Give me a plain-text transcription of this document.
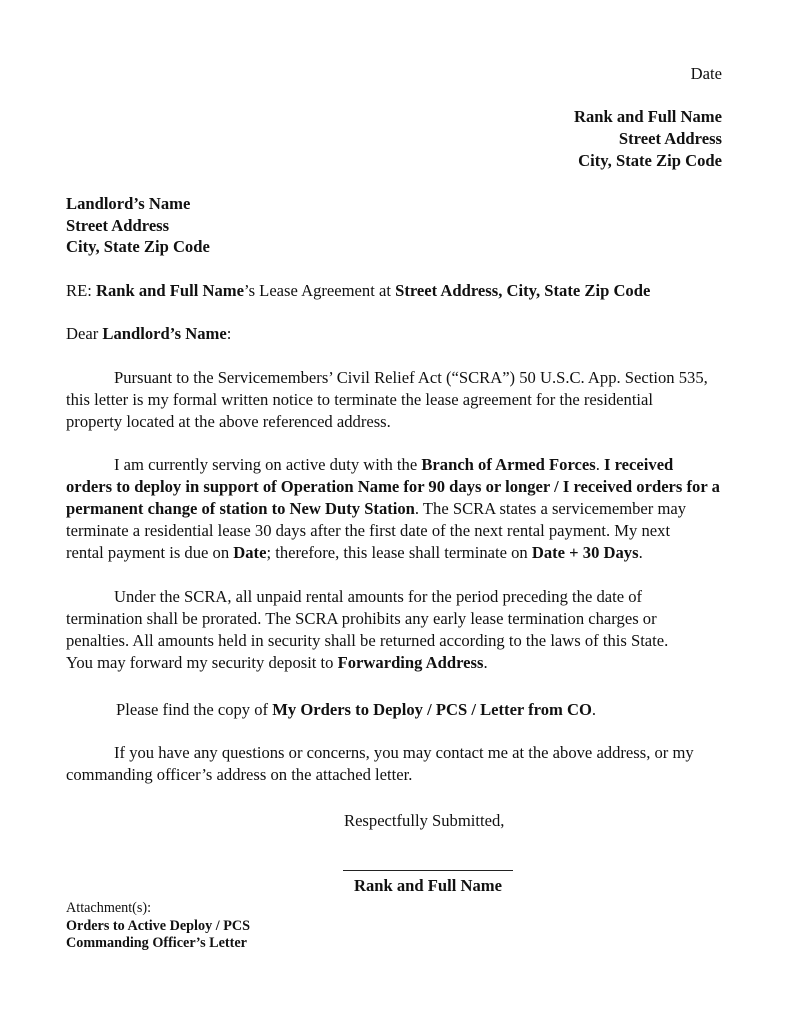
Date
Rank and Full Name
Street Address
City, State Zip Code
Landlord’s Name
Street Address
City, State Zip Code
RE: Rank and Full Name’s Lease Agreement at Street Address, City, State Zip Code
Dear Landlord’s Name:
Pursuant to the Servicemembers’ Civil Relief Act (“SCRA”) 50 U.S.C. App. Section 535,
this letter is my formal written notice to terminate the lease agreement for the residential
property located at the above referenced address.
I am currently serving on active duty with the Branch of Armed Forces. I received
orders to deploy in support of Operation Name for 90 days or longer / I received orders for a
permanent change of station to New Duty Station. The SCRA states a servicemember may
terminate a residential lease 30 days after the first date of the next rental payment. My next
rental payment is due on Date; therefore, this lease shall terminate on Date + 30 Days.
Under the SCRA, all unpaid rental amounts for the period preceding the date of
termination shall be prorated. The SCRA prohibits any early lease termination charges or
penalties. All amounts held in security shall be returned according to the laws of this State.
You may forward my security deposit to Forwarding Address.
Please find the copy of My Orders to Deploy / PCS / Letter from CO.
If you have any questions or concerns, you may contact me at the above address, or my
commanding officer’s address on the attached letter.
Respectfully Submitted,
Rank and Full Name
Attachment(s):
Orders to Active Deploy / PCS
Commanding Officer’s Letter
